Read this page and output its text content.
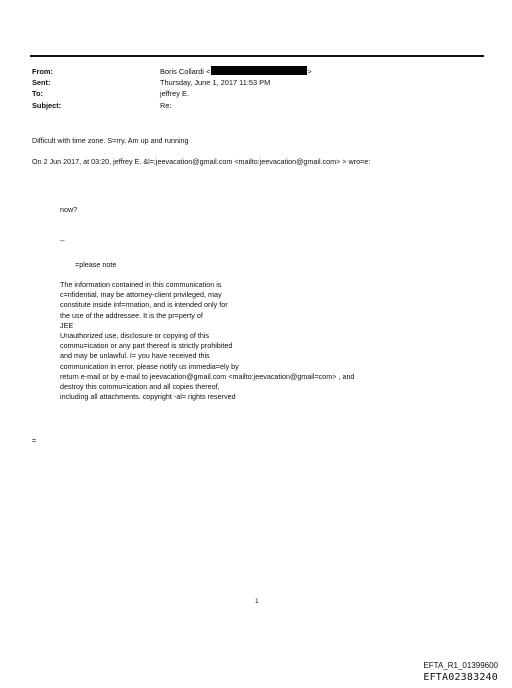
From:	Boris Collardi <	>
Sent:	Thursday, June 1, 2017 11:53 PM
To:	jeffrey E.
Subject:	Re:
Difficult with time zone. S=rry. Am up and running
On 2 Jun 2017, at 03:20, jeffrey E. &l=;jeevacation@gmail.com <mailto:jeevacation@gmail.com> > wro=e:
now?
--
=please note
The information contained in this communication is
c=nfidential, may be attorney-client privileged, may
constitute inside inf=rmation, and is intended only for
the use of the addressee. It is the pr=perty of
JEE
Unauthorized use, disclosure or copying of this
commu=ication or any part thereof is strictly prohibited
and may be unlawful. I= you have received this
communication in error, please notify us immedia=ely by
return e-mail or by e-mail to jeevacation@gmail.com <mailto:jeevacation@gmail=com> , and
destroy this commu=ication and all copies thereof,
including all attachments. copyright -al= rights reserved
=
1
EFTA_R1_01399600
EFTA02383240
